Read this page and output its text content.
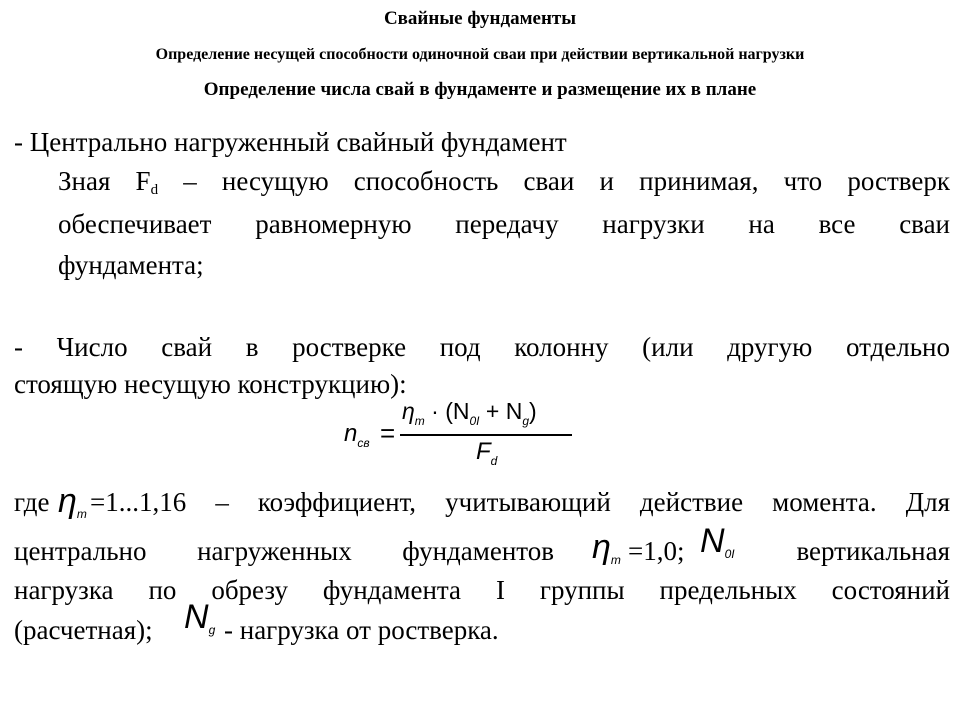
Свайные фундаменты
Определение несущей способности одиночной сваи при действии вертикальной нагрузки
Определение числа свай в фундаменте и размещение их в плане
- Центрально нагруженный свайный фундамент
Зная $F_d$ – несущую способность сваи и принимая, что ростверк
обеспечивает равномерную передачу нагрузки на все сваи
фундамента;
- Число свай в ростверке под колонну (или другую отдельно
стоящую несущую конструкцию):
$n_{св}$ =
$\eta_m \cdot (N_{0I} + N_g)$
$F_d$
где ηm =1...1,16 – коэффициент, учитывающий действие момента. Для
центрально нагруженных фундаментов ηm =1,0; N0I	вертикальная
нагрузка по обрезу фундамента I группы предельных состояний
(расчетная); Ng - нагрузка от ростверка.
